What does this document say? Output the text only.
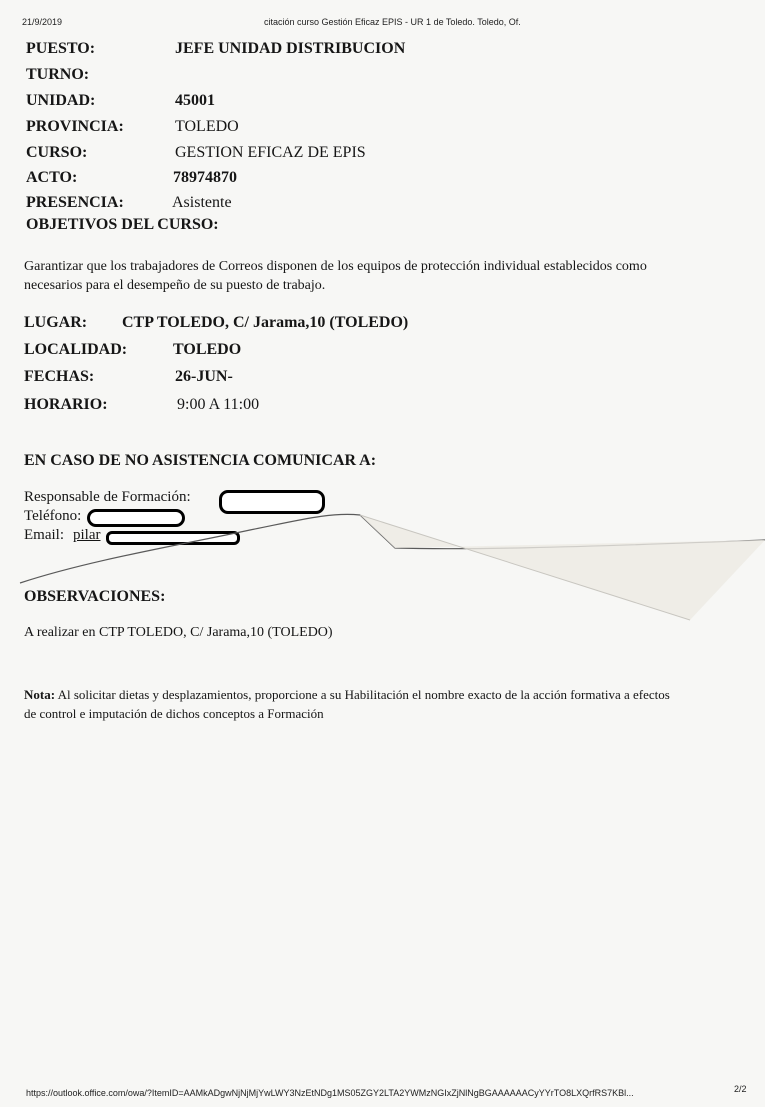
21/9/2019	citación curso Gestión Eficaz EPIS - UR 1 de Toledo. Toledo, Of.
PUESTO:	JEFE UNIDAD DISTRIBUCION
TURNO:
UNIDAD:	45001
PROVINCIA:	TOLEDO
CURSO:	GESTION EFICAZ DE EPIS
ACTO:	78974870
PRESENCIA:	Asistente
OBJETIVOS DEL CURSO:
Garantizar que los trabajadores de Correos disponen de los equipos de protección individual establecidos como
necesarios para el desempeño de su puesto de trabajo.
LUGAR: CTP TOLEDO, C/ Jarama,10 (TOLEDO)
LOCALIDAD:	TOLEDO
FECHAS:	26-JUN-
HORARIO:	9:00 A 11:00
EN CASO DE NO ASISTENCIA COMUNICAR A:
Responsable de Formación:
Teléfono:
Email: pilar
OBSERVACIONES:
A realizar en CTP TOLEDO, C/ Jarama,10 (TOLEDO)
Nota: Al solicitar dietas y desplazamientos, proporcione a su Habilitación el nombre exacto de la acción formativa a efectos
de control e imputación de dichos conceptos a Formación
https://outlook.office.com/owa/?ItemID=AAMkADgwNjNjMjYwLWY3NzEtNDg1MS05ZGY2LTA2YWMzNGIxZjNlNgBGAAAAAACyYYrTO8LXQrfRS7KBl...	2/2
